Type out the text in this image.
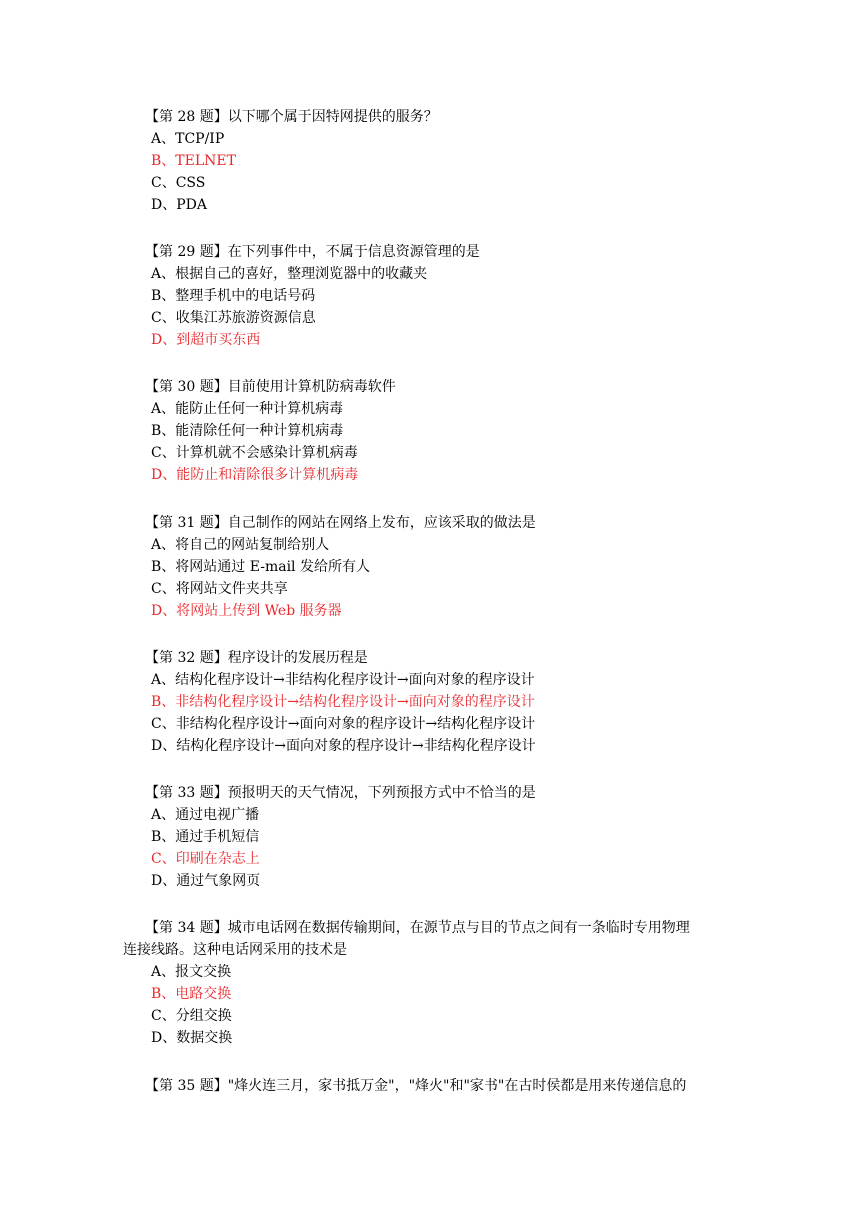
【第 28 题】以下哪个属于因特网提供的服务？
A、TCP/IP
B、TELNET
C、CSS
D、PDA
【第 29 题】在下列事件中，不属于信息资源管理的是
A、根据自己的喜好，整理浏览器中的收藏夹
B、整理手机中的电话号码
C、收集江苏旅游资源信息
D、到超市买东西
【第 30 题】目前使用计算机防病毒软件
A、能防止任何一种计算机病毒
B、能清除任何一种计算机病毒
C、计算机就不会感染计算机病毒
D、能防止和清除很多计算机病毒
【第 31 题】自己制作的网站在网络上发布，应该采取的做法是
A、将自己的网站复制给别人
B、将网站通过 E-mail 发给所有人
C、将网站文件夹共享
D、将网站上传到 Web 服务器
【第 32 题】程序设计的发展历程是
A、结构化程序设计→非结构化程序设计→面向对象的程序设计
B、非结构化程序设计→结构化程序设计→面向对象的程序设计
C、非结构化程序设计→面向对象的程序设计→结构化程序设计
D、结构化程序设计→面向对象的程序设计→非结构化程序设计
【第 33 题】预报明天的天气情况，下列预报方式中不恰当的是
A、通过电视广播
B、通过手机短信
C、印刷在杂志上
D、通过气象网页
【第 34 题】城市电话网在数据传输期间，在源节点与目的节点之间有一条临时专用物理
连接线路。这种电话网采用的技术是
A、报文交换
B、电路交换
C、分组交换
D、数据交换
【第 35 题】"烽火连三月，家书抵万金"，"烽火"和"家书"在古时侯都是用来传递信息的
